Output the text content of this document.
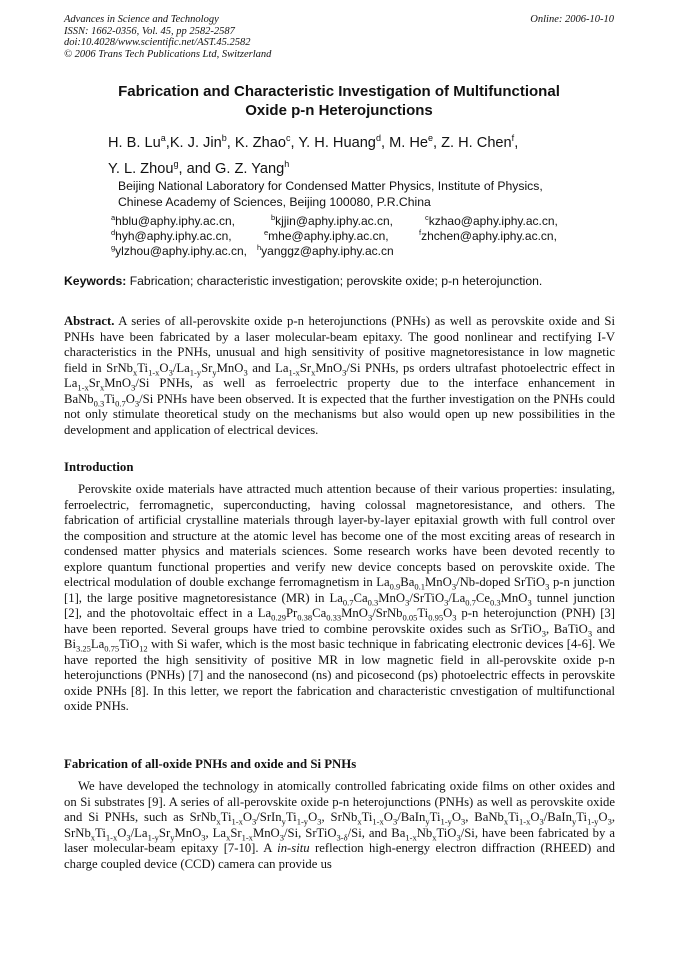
Advances in Science and Technology
ISSN: 1662-0356, Vol. 45, pp 2582-2587
doi:10.4028/www.scientific.net/AST.45.2582
© 2006 Trans Tech Publications Ltd, Switzerland
Online: 2006-10-10
Fabrication and Characteristic Investigation of Multifunctional
Oxide p-n Heterojunctions
H. B. Lu$^a$,K. J. Jin$^b$, K. Zhao$^c$, Y. H. Huang$^d$, M. He$^e$, Z. H. Chen$^f$,
Y. L. Zhou$^g$, and G. Z. Yang$^h$
Beijing National Laboratory for Condensed Matter Physics, Institute of Physics,
Chinese Academy of Sciences, Beijing 100080, P.R.China
$^a$hblu@aphy.iphy.ac.cn,	$^b$kjjin@aphy.iphy.ac.cn,	$^c$kzhao@aphy.iphy.ac.cn,
$^d$hyh@aphy.iphy.ac.cn,	$^e$mhe@aphy.iphy.ac.cn,	$^f$zhchen@aphy.iphy.ac.cn,
$^g$ylzhou@aphy.iphy.ac.cn, $^h$yanggz@aphy.iphy.ac.cn
Keywords: Fabrication; characteristic investigation; perovskite oxide; p-n heterojunction.
Abstract. A series of all-perovskite oxide p-n heterojunctions (PNHs) as well as perovskite oxide and Si PNHs have been fabricated by a laser molecular-beam epitaxy. The good nonlinear and rectifying I-V characteristics in the PNHs, unusual and high sensitivity of positive magnetoresistance in low magnetic field in $SrNb_xTi_{1-x}O_3/La_{1-y}Sr_yMnO_3$ and $La_{1-x}Sr_xMnO_3/Si$ PNHs, ps orders ultrafast photoelectric effect in $La_{1-x}Sr_xMnO_3/Si$ PNHs, as well as ferroelectric property due to the interface enhancement in $BaNb_{0.3}Ti_{0.7}O_3/Si$ PNHs have been observed. It is expected that the further investigation on the PNHs could not only stimulate theoretical study on the mechanisms but also would open up new possibilities in the development and application of electrical devices.
Introduction
Perovskite oxide materials have attracted much attention because of their various properties: insulating, ferroelectric, ferromagnetic, superconducting, having colossal magnetoresistance, and others. The fabrication of artificial crystalline materials through layer-by-layer epitaxial growth with full control over the composition and structure at the atomic level has become one of the most exciting areas of research in condensed matter physics and materials sciences. Some research works have been devoted recently to explore quantum functional properties and verify new device concepts based on perovskite oxide. The electrical modulation of double exchange ferromagnetism in $La_{0.9}Ba_{0.1}MnO_3/Nb$-doped SrTiO$_3$ p-n junction [1], the large positive magnetoresistance (MR) in $La_{0.7}Ca_{0.3}MnO_3/SrTiO_3/La_{0.7}Ce_{0.3}MnO_3$ tunnel junction [2], and the photovoltaic effect in a $La_{0.29}Pr_{0.38}Ca_{0.33}MnO_3/SrNb_{0.05}Ti_{0.95}O_3$ p-n heterojunction (PNH) [3] have been reported. Several groups have tried to combine perovskite oxides such as SrTiO$_3$, BaTiO$_3$ and $Bi_{3.25}La_{0.75}TiO_{12}$ with Si wafer, which is the most basic technique in fabricating electronic devices [4-6]. We have reported the high sensitivity of positive MR in low magnetic field in all-perovskite oxide p-n heterojunctions (PNHs) [7] and the nanosecond (ns) and picosecond (ps) photoelectric effects in perovskite oxide PNHs [8]. In this letter, we report the fabrication and characteristic cnvestigation of multifunctional oxide PNHs.
Fabrication of all-oxide PNHs and oxide and Si PNHs
We have developed the technology in atomically controlled fabricating oxide films on other oxides and on Si substrates [9]. A series of all-perovskite oxide p-n heterojunctions (PNHs) as well as perovskite oxide and Si PNHs, such as $SrNb_xTi_{1-x}O_3/SrIn_yTi_{1-y}O_3$, $SrNb_xTi_{1-x}O_3/BaIn_yTi_{1-y}O_3$, $BaNb_xTi_{1-x}O_3/BaIn_yTi_{1-y}O_3$, $SrNb_xTi_{1-x}O_3/La_{1-y}Sr_yMnO_3$, $La_xSr_{1-x}MnO_3/Si$, SrTiO$_{3-\delta}$/Si, and $Ba_{1-x}Nb_xTiO_3/Si$, have been fabricated by a laser molecular-beam epitaxy [7-10]. A in-situ reflection high-energy electron diffraction (RHEED) and charge coupled device (CCD) camera can provide us
